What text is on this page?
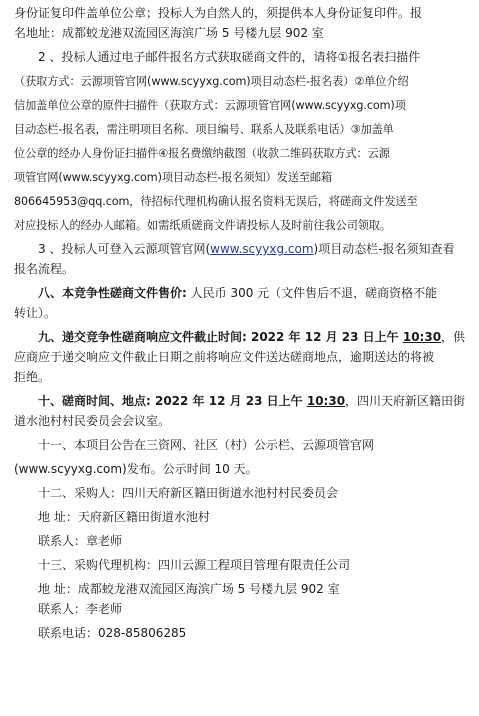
身份证复印件盖单位公章；投标人为自然人的，须提供本人身份证复印件。报
名地址：成都蛟龙港双流园区海滨广场 5 号楼九层 902 室
2 、投标人通过电子邮件报名方式获取磋商文件的，请将①报名表扫描件
（获取方式：云源项管官网(www.scyyxg.com)项目动态栏-报名表）②单位介绍
信加盖单位公章的原件扫描件（获取方式：云源项管官网(www.scyyxg.com)项
目动态栏-报名表，需注明项目名称、项目编号、联系人及联系电话）③加盖单
位公章的经办人身份证扫描件④报名费缴纳截图（收款二维码获取方式：云源
项管官网(www.scyyxg.com)项目动态栏-报名须知）发送至邮箱
806645953@qq.com，待招标代理机构确认报名资料无误后，将磋商文件发送至
对应投标人的经办人邮箱。如需纸质磋商文件请投标人及时前往我公司领取。
3 、投标人可登入云源项管官网(www.scyyxg.com)项目动态栏-报名须知查看
报名流程。
八、本竞争性磋商文件售价: 人民币 300 元（文件售后不退，磋商资格不能
转让）。
九、递交竞争性磋商响应文件截止时间: 2022 年 12 月 23 日上午 10:30，供
应商应于递交响应文件截止日期之前将响应文件送达磋商地点，逾期送达的将被
拒绝。
十、磋商时间、地点: 2022 年 12 月 23 日上午 10:30，四川天府新区籍田街
道水池村村民委员会会议室。
十一、本项目公告在三资网、社区（村）公示栏、云源项管官网
(www.scyyxg.com)发布。公示时间 10 天。
十二、采购人：四川天府新区籍田街道水池村村民委员会
地 址：天府新区籍田街道水池村
联系人：章老师
十三、采购代理机构：四川云源工程项目管理有限责任公司
地 址：成都蛟龙港双流园区海滨广场 5 号楼九层 902 室
联系人：李老师
联系电话：028-85806285
